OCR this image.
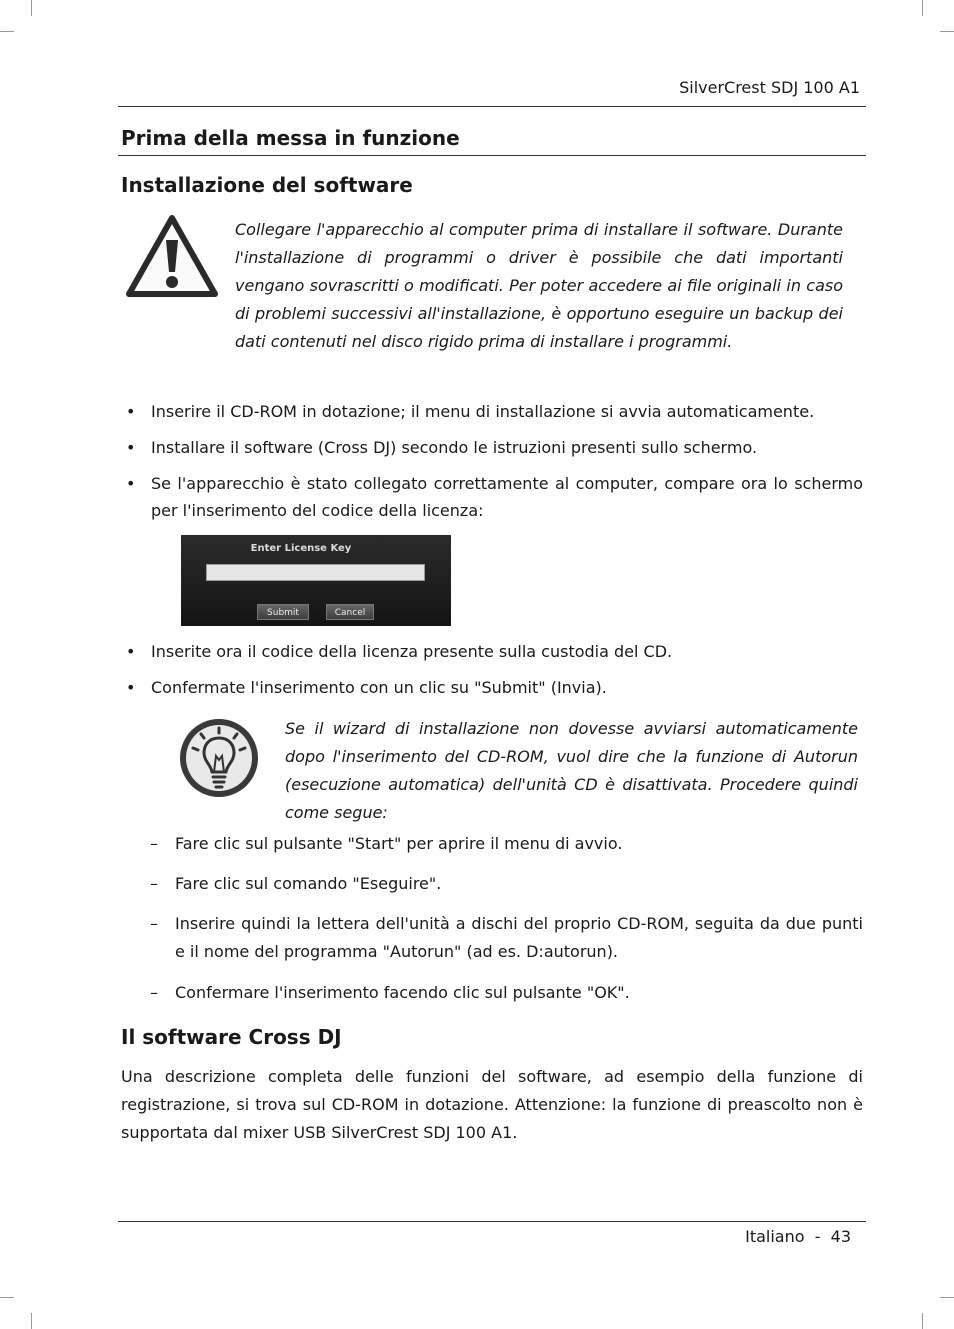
SilverCrest SDJ 100 A1
Prima della messa in funzione
Installazione del software
Collegare l'apparecchio al computer prima di installare il software. Durante l'installazione di programmi o driver è possibile che dati importanti vengano sovrascritti o modificati. Per poter accedere ai file originali in caso di problemi successivi all'installazione, è opportuno eseguire un backup dei dati contenuti nel disco rigido prima di installare i programmi.
• Inserire il CD-ROM in dotazione; il menu di installazione si avvia automaticamente.
• Installare il software (Cross DJ) secondo le istruzioni presenti sullo schermo.
• Se l'apparecchio è stato collegato correttamente al computer, compare ora lo schermo per l'inserimento del codice della licenza:
Enter License Key
Submit	Cancel
• Inserite ora il codice della licenza presente sulla custodia del CD.
• Confermate l'inserimento con un clic su "Submit" (Invia).
Se il wizard di installazione non dovesse avviarsi automaticamente dopo l'inserimento del CD-ROM, vuol dire che la funzione di Autorun (esecuzione automatica) dell'unità CD è disattivata. Procedere quindi come segue:
– Fare clic sul pulsante "Start" per aprire il menu di avvio.
– Fare clic sul comando "Eseguire".
– Inserire quindi la lettera dell'unità a dischi del proprio CD-ROM, seguita da due punti e il nome del programma "Autorun" (ad es. D:autorun).
– Confermare l'inserimento facendo clic sul pulsante "OK".
Il software Cross DJ
Una descrizione completa delle funzioni del software, ad esempio della funzione di registrazione, si trova sul CD-ROM in dotazione. Attenzione: la funzione di preascolto non è supportata dal mixer USB SilverCrest SDJ 100 A1.
Italiano - 43
